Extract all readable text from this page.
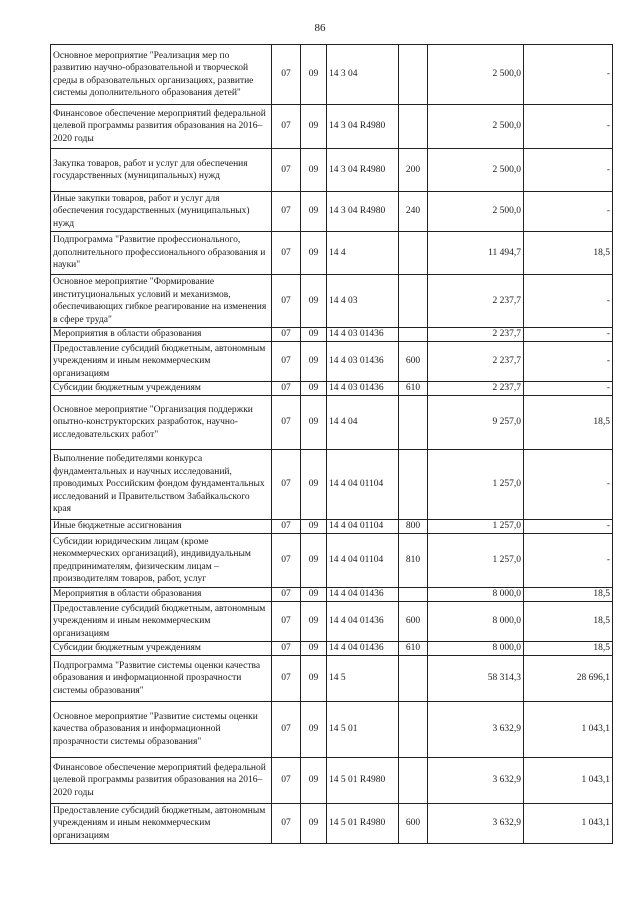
86
Основное мероприятие "Реализация мер по развитию научно-образовательной и творческой среды в образовательных организациях, развитие системы дополнительного образования детей"	07	09	14 3 04		2 500,0	-
Финансовое обеспечение мероприятий федеральной целевой программы развития образования на 2016–2020 годы	07	09	14 3 04 R4980		2 500,0	-
Закупка товаров, работ и услуг для обеспечения государственных (муниципальных) нужд	07	09	14 3 04 R4980	200	2 500,0	-
Иные закупки товаров, работ и услуг для обеспечения государственных (муниципальных) нужд	07	09	14 3 04 R4980	240	2 500,0	-
Подпрограмма "Развитие профессионального, дополнительного профессионального образования и науки"	07	09	14 4		11 494,7	18,5
Основное мероприятие "Формирование институциональных условий и механизмов, обеспечивающих гибкое реагирование на изменения в сфере труда"	07	09	14 4 03		2 237,7	-
Мероприятия в области образования	07	09	14 4 03 01436		2 237,7	-
Предоставление субсидий бюджетным, автономным учреждениям и иным некоммерческим организациям	07	09	14 4 03 01436	600	2 237,7	-
Субсидии бюджетным учреждениям	07	09	14 4 03 01436	610	2 237,7	-
Основное мероприятие "Организация поддержки опытно-конструкторских разработок, научно-исследовательских работ"	07	09	14 4 04		9 257,0	18,5
Выполнение победителями конкурса фундаментальных и научных исследований, проводимых Российским фондом фундаментальных исследований и Правительством Забайкальского края	07	09	14 4 04 01104		1 257,0	-
Иные бюджетные ассигнования	07	09	14 4 04 01104	800	1 257,0	-
Субсидии юридическим лицам (кроме некоммерческих организаций), индивидуальным предпринимателям, физическим лицам – производителям товаров, работ, услуг	07	09	14 4 04 01104	810	1 257,0	-
Мероприятия в области образования	07	09	14 4 04 01436		8 000,0	18,5
Предоставление субсидий бюджетным, автономным учреждениям и иным некоммерческим организациям	07	09	14 4 04 01436	600	8 000,0	18,5
Субсидии бюджетным учреждениям	07	09	14 4 04 01436	610	8 000,0	18,5
Подпрограмма "Развитие системы оценки качества образования и информационной прозрачности системы образования"	07	09	14 5		58 314,3	28 696,1
Основное мероприятие "Развитие системы оценки качества образования и информационной прозрачности системы образования"	07	09	14 5 01		3 632,9	1 043,1
Финансовое обеспечение мероприятий федеральной целевой программы развития образования на 2016–2020 годы	07	09	14 5 01 R4980		3 632,9	1 043,1
Предоставление субсидий бюджетным, автономным учреждениям и иным некоммерческим организациям	07	09	14 5 01 R4980	600	3 632,9	1 043,1
